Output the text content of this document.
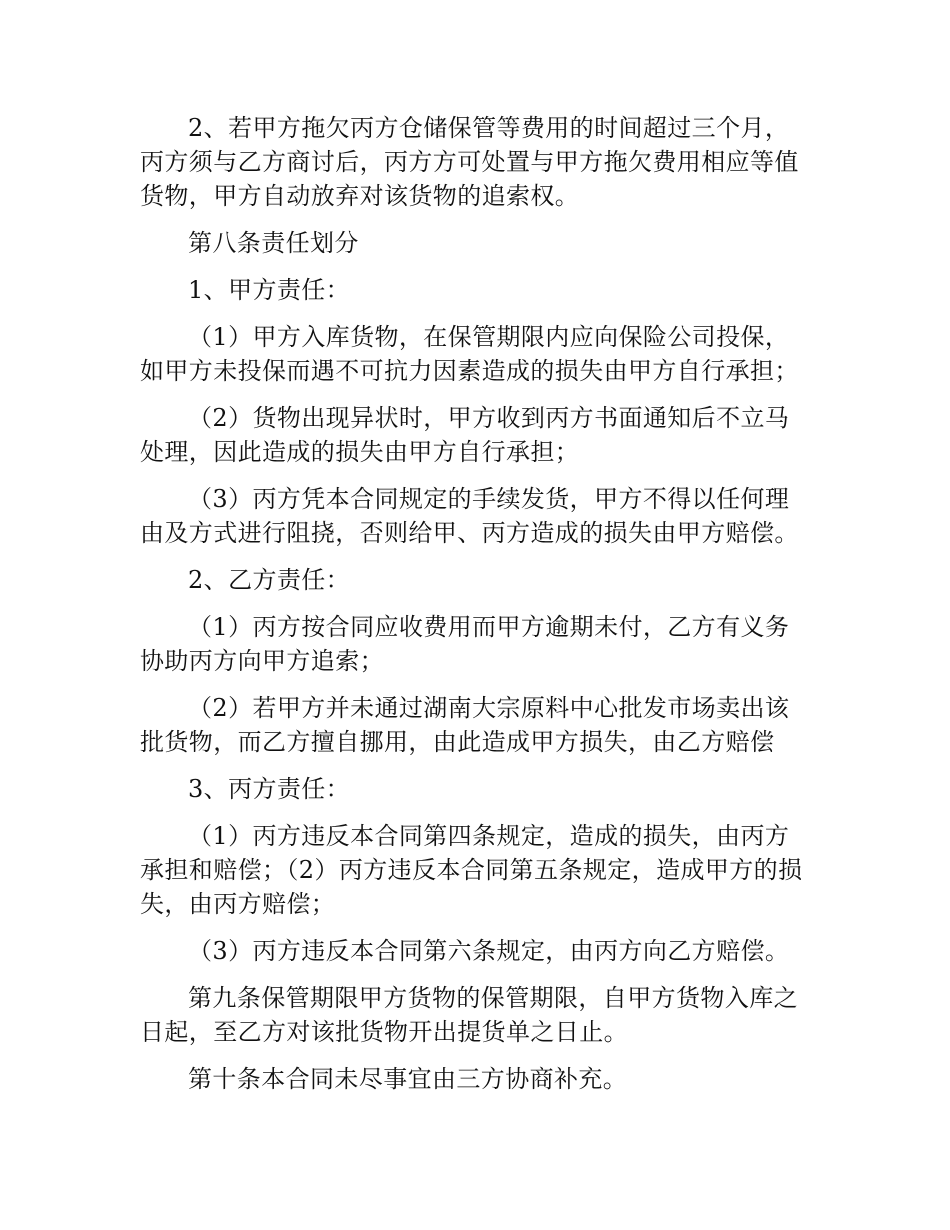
2、若甲方拖欠丙方仓储保管等费用的时间超过三个月，丙方须与乙方商讨后，丙方方可处置与甲方拖欠费用相应等值货物，甲方自动放弃对该货物的追索权。

第八条责任划分

1、甲方责任：

（1）甲方入库货物，在保管期限内应向保险公司投保，如甲方未投保而遇不可抗力因素造成的损失由甲方自行承担；

（2）货物出现异状时，甲方收到丙方书面通知后不立马处理，因此造成的损失由甲方自行承担；

（3）丙方凭本合同规定的手续发货，甲方不得以任何理由及方式进行阻挠，否则给甲、丙方造成的损失由甲方赔偿。

2、乙方责任：

（1）丙方按合同应收费用而甲方逾期未付，乙方有义务协助丙方向甲方追索；

（2）若甲方并未通过湖南大宗原料中心批发市场卖出该批货物，而乙方擅自挪用，由此造成甲方损失，由乙方赔偿

3、丙方责任：

（1）丙方违反本合同第四条规定，造成的损失，由丙方承担和赔偿；（2）丙方违反本合同第五条规定，造成甲方的损失，由丙方赔偿；

（3）丙方违反本合同第六条规定，由丙方向乙方赔偿。

第九条保管期限甲方货物的保管期限，自甲方货物入库之日起，至乙方对该批货物开出提货单之日止。

第十条本合同未尽事宜由三方协商补充。
